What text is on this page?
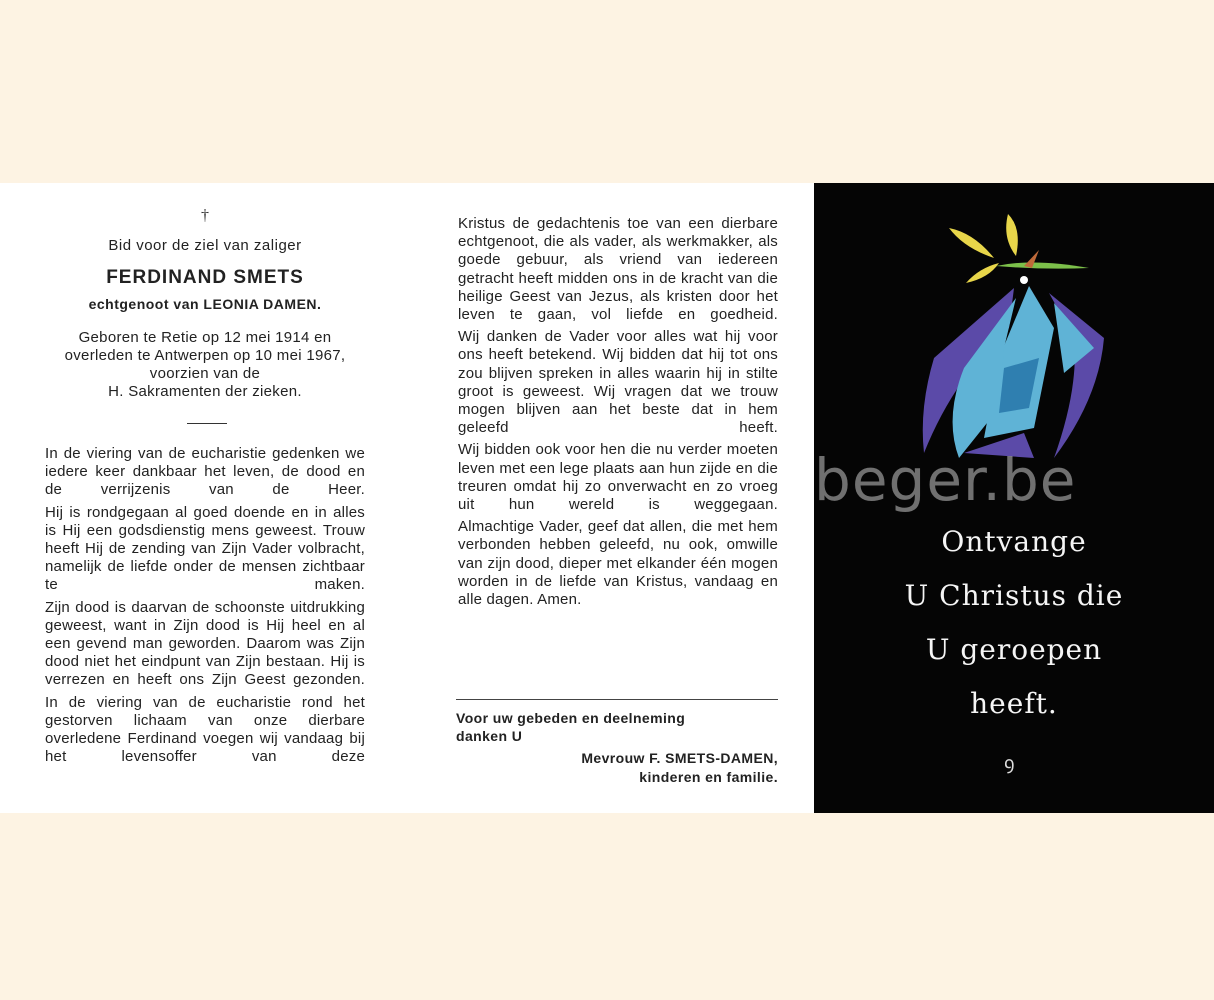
†
Bid voor de ziel van zaliger
FERDINAND SMETS
echtgenoot van LEONIA DAMEN.
Geboren te Retie op 12 mei 1914 en
overleden te Antwerpen op 10 mei 1967,
voorzien van de
H. Sakramenten der zieken.

In de viering van de eucharistie gedenken we iedere keer dankbaar het leven, de dood en de verrijzenis van de Heer.

Hij is rondgegaan al goed doende en in alles is Hij een godsdienstig mens geweest. Trouw heeft Hij de zending van Zijn Vader volbracht, namelijk de liefde onder de mensen zichtbaar te maken.

Zijn dood is daarvan de schoonste uitdrukking geweest, want in Zijn dood is Hij heel en al een gevend man geworden. Daarom was Zijn dood niet het eindpunt van Zijn bestaan. Hij is verrezen en heeft ons Zijn Geest gezonden.

In de viering van de eucharistie rond het gestorven lichaam van onze dierbare overledene Ferdinand voegen wij vandaag bij het levensoffer van deze

Kristus de gedachtenis toe van een dierbare echtgenoot, die als vader, als werkmakker, als goede gebuur, als vriend van iedereen getracht heeft midden ons in de kracht van die heilige Geest van Jezus, als kristen door het leven te gaan, vol liefde en goedheid.

Wij danken de Vader voor alles wat hij voor ons heeft betekend. Wij bidden dat hij tot ons zou blijven spreken in alles waarin hij in stilte groot is geweest. Wij vragen dat we trouw mogen blijven aan het beste dat in hem geleefd heeft.

Wij bidden ook voor hen die nu verder moeten leven met een lege plaats aan hun zijde en die treuren omdat hij zo onverwacht en zo vroeg uit hun wereld is weggegaan.

Almachtige Vader, geef dat allen, die met hem verbonden hebben geleefd, nu ook, omwille van zijn dood, dieper met elkander één mogen worden in de liefde van Kristus, vandaag en alle dagen. Amen.

Voor uw gebeden en deelneming
danken U
Mevrouw F. SMETS-DAMEN,
kinderen en familie.
Ontvange
U Christus die
U geroepen
heeft.
ꝯ
beger.be
